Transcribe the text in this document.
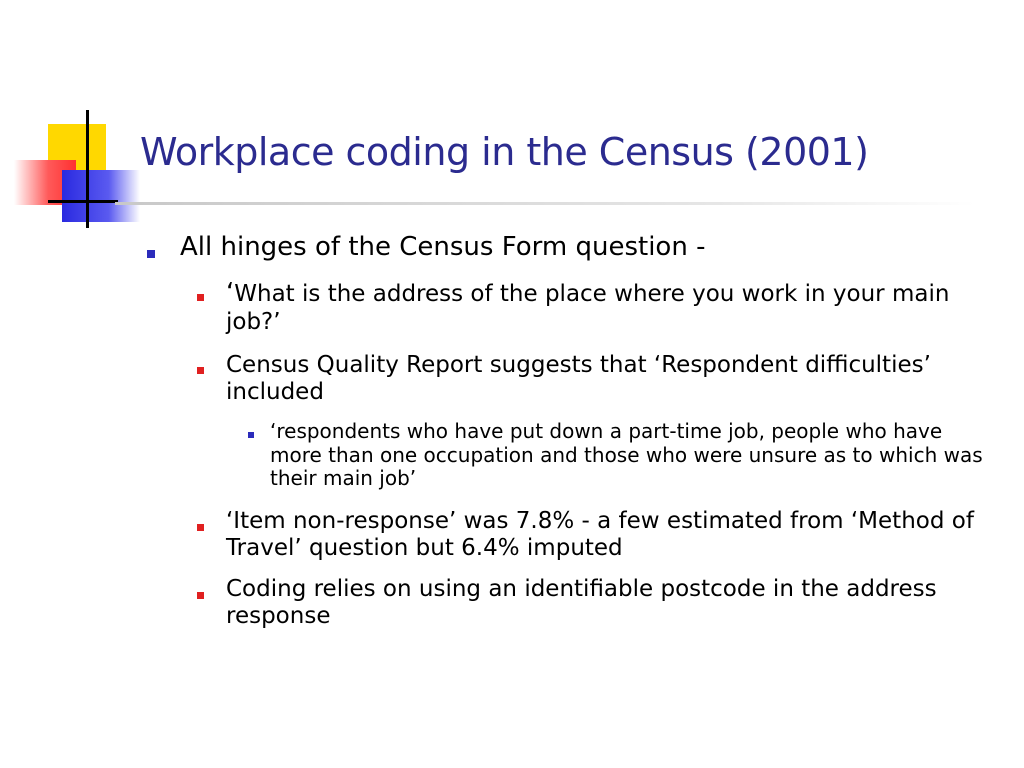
Workplace coding in the Census (2001)

All hinges of the Census Form question -

‘What is the address of the place where you work in your main job?’

Census Quality Report suggests that ‘Respondent difficulties’ included

‘respondents who have put down a part-time job, people who have more than one occupation and those who were unsure as to which was their main job’

‘Item non-response’ was 7.8% - a few estimated from ‘Method of Travel’ question but 6.4% imputed

Coding relies on using an identifiable postcode in the address response
